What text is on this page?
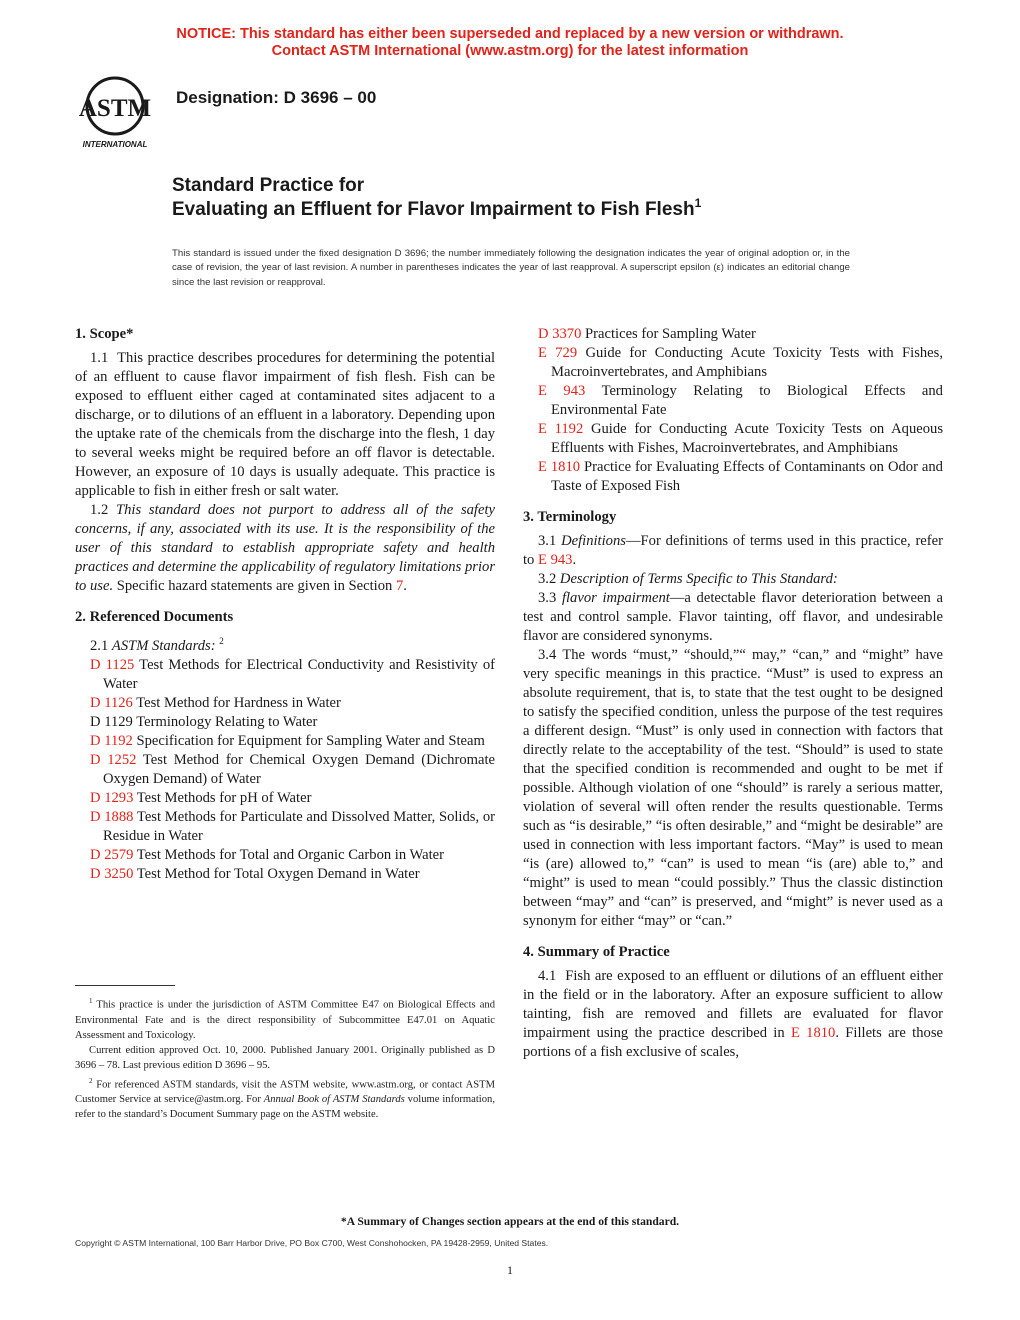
NOTICE: This standard has either been superseded and replaced by a new version or withdrawn.
Contact ASTM International (www.astm.org) for the latest information
ASTM
INTERNATIONAL
Designation: D 3696 – 00
Standard Practice for
Evaluating an Effluent for Flavor Impairment to Fish Flesh$^1$
This standard is issued under the fixed designation D 3696; the number immediately following the designation indicates the year of original adoption or, in the case of revision, the year of last revision. A number in parentheses indicates the year of last reapproval. A superscript epsilon (ε) indicates an editorial change since the last revision or reapproval.

1. Scope*

1.1 This practice describes procedures for determining the potential of an effluent to cause flavor impairment of fish flesh. Fish can be exposed to effluent either caged at contaminated sites adjacent to a discharge, or to dilutions of an effluent in a laboratory. Depending upon the uptake rate of the chemicals from the discharge into the flesh, 1 day to several weeks might be required before an off flavor is detectable. However, an exposure of 10 days is usually adequate. This practice is applicable to fish in either fresh or salt water.

1.2 This standard does not purport to address all of the safety concerns, if any, associated with its use. It is the responsibility of the user of this standard to establish appropriate safety and health practices and determine the applicability of regulatory limitations prior to use. Specific hazard statements are given in Section 7.

2. Referenced Documents

2.1 ASTM Standards: $^2$

D 1125 Test Methods for Electrical Conductivity and Resistivity of Water

D 1126 Test Method for Hardness in Water

D 1129 Terminology Relating to Water

D 1192 Specification for Equipment for Sampling Water and Steam

D 1252 Test Method for Chemical Oxygen Demand (Dichromate Oxygen Demand) of Water

D 1293 Test Methods for pH of Water

D 1888 Test Methods for Particulate and Dissolved Matter, Solids, or Residue in Water

D 2579 Test Methods for Total and Organic Carbon in Water

D 3250 Test Method for Total Oxygen Demand in Water

D 3370 Practices for Sampling Water

E 729 Guide for Conducting Acute Toxicity Tests with Fishes, Macroinvertebrates, and Amphibians

E 943 Terminology Relating to Biological Effects and Environmental Fate

E 1192 Guide for Conducting Acute Toxicity Tests on Aqueous Effluents with Fishes, Macroinvertebrates, and Amphibians

E 1810 Practice for Evaluating Effects of Contaminants on Odor and Taste of Exposed Fish

3. Terminology

3.1 Definitions—For definitions of terms used in this practice, refer to E 943.

3.2 Description of Terms Specific to This Standard:

3.3 flavor impairment—a detectable flavor deterioration between a test and control sample. Flavor tainting, off flavor, and undesirable flavor are considered synonyms.

3.4 The words “must,” “should,”“ may,” “can,” and “might” have very specific meanings in this practice. “Must” is used to express an absolute requirement, that is, to state that the test ought to be designed to satisfy the specified condition, unless the purpose of the test requires a different design. “Must” is only used in connection with factors that directly relate to the acceptability of the test. “Should” is used to state that the specified condition is recommended and ought to be met if possible. Although violation of one “should” is rarely a serious matter, violation of several will often render the results questionable. Terms such as “is desirable,” “is often desirable,” and “might be desirable” are used in connection with less important factors. “May” is used to mean “is (are) allowed to,” “can” is used to mean “is (are) able to,” and “might” is used to mean “could possibly.” Thus the classic distinction between “may” and “can” is preserved, and “might” is never used as a synonym for either “may” or “can.”

4. Summary of Practice

4.1 Fish are exposed to an effluent or dilutions of an effluent either in the field or in the laboratory. After an exposure sufficient to allow tainting, fish are removed and fillets are evaluated for flavor impairment using the practice described in E 1810. Fillets are those portions of a fish exclusive of scales,

$^1$ This practice is under the jurisdiction of ASTM Committee E47 on Biological Effects and Environmental Fate and is the direct responsibility of Subcommittee E47.01 on Aquatic Assessment and Toxicology.

Current edition approved Oct. 10, 2000. Published January 2001. Originally published as D 3696 – 78. Last previous edition D 3696 – 95.

$^2$ For referenced ASTM standards, visit the ASTM website, www.astm.org, or contact ASTM Customer Service at service@astm.org. For Annual Book of ASTM Standards volume information, refer to the standard’s Document Summary page on the ASTM website.

*A Summary of Changes section appears at the end of this standard.
Copyright © ASTM International, 100 Barr Harbor Drive, PO Box C700, West Conshohocken, PA 19428-2959, United States.
1
